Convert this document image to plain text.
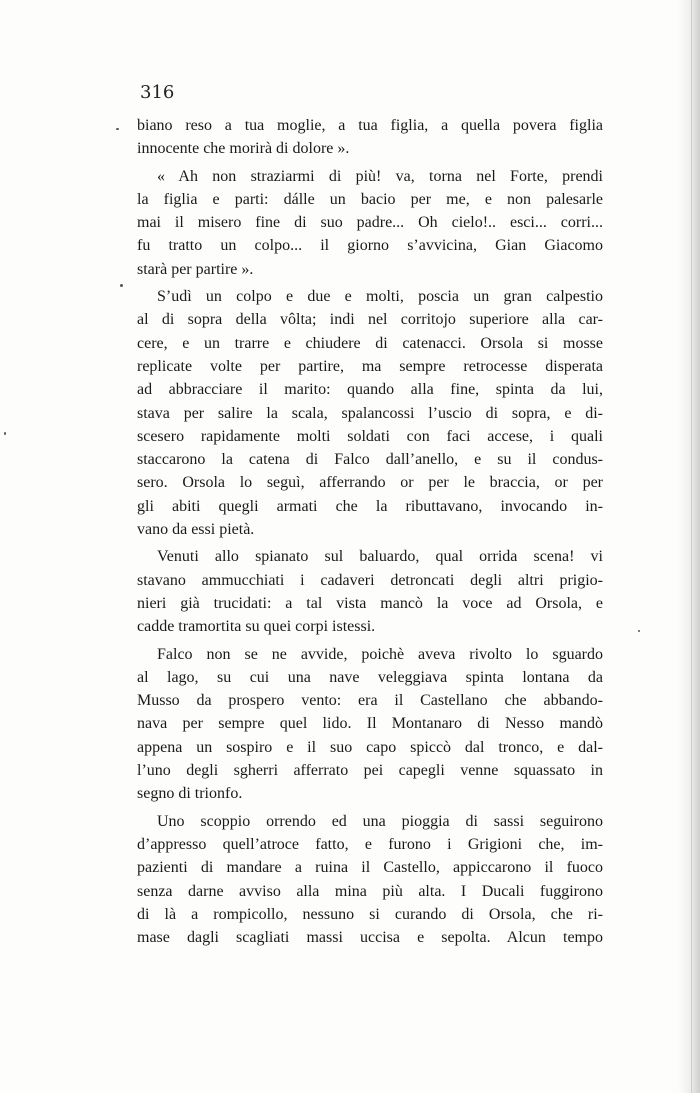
316
biano reso a tua moglie, a tua figlia, a quella povera figlia
innocente che morirà di dolore ».
« Ah non straziarmi di più! va, torna nel Forte, prendi
la figlia e parti: dálle un bacio per me, e non palesarle
mai il misero fine di suo padre... Oh cielo!.. esci... corri...
fu tratto un colpo... il giorno s’avvicina, Gian Giacomo
starà per partire ».
S’udì un colpo e due e molti, poscia un gran calpestio
al di sopra della vôlta; indi nel corritojo superiore alla car-
cere, e un trarre e chiudere di catenacci. Orsola si mosse
replicate volte per partire, ma sempre retrocesse disperata
ad abbracciare il marito: quando alla fine, spinta da lui,
stava per salire la scala, spalancossi l’uscio di sopra, e di-
scesero rapidamente molti soldati con faci accese, i quali
staccarono la catena di Falco dall’anello, e su il condus-
sero. Orsola lo seguì, afferrando or per le braccia, or per
gli abiti quegli armati che la ributtavano, invocando in-
vano da essi pietà.
Venuti allo spianato sul baluardo, qual orrida scena! vi
stavano ammucchiati i cadaveri detroncati degli altri prigio-
nieri già trucidati: a tal vista mancò la voce ad Orsola, e
cadde tramortita su quei corpi istessi.
Falco non se ne avvide, poichè aveva rivolto lo sguardo
al lago, su cui una nave veleggiava spinta lontana da
Musso da prospero vento: era il Castellano che abbando-
nava per sempre quel lido. Il Montanaro di Nesso mandò
appena un sospiro e il suo capo spiccò dal tronco, e dal-
l’uno degli sgherri afferrato pei capegli venne squassato in
segno di trionfo.
Uno scoppio orrendo ed una pioggia di sassi seguirono
d’appresso quell’atroce fatto, e furono i Grigioni che, im-
pazienti di mandare a ruina il Castello, appiccarono il fuoco
senza darne avviso alla mina più alta. I Ducali fuggirono
di là a rompicollo, nessuno si curando di Orsola, che ri-
mase dagli scagliati massi uccisa e sepolta. Alcun tempo
